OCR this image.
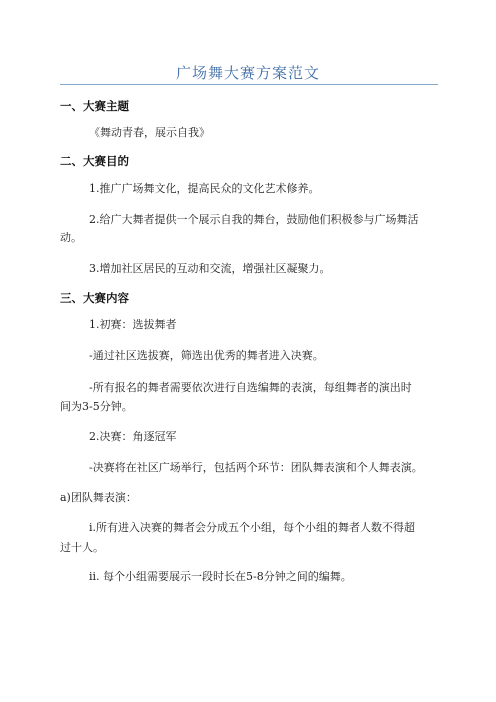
广场舞大赛方案范文
一、大赛主题
《舞动青春，展示自我》
二、大赛目的
1.推广广场舞文化，提高民众的文化艺术修养。
2.给广大舞者提供一个展示自我的舞台，鼓励他们积极参与广场舞活
动。
3.增加社区居民的互动和交流，增强社区凝聚力。
三、大赛内容
1.初赛：选拔舞者
-通过社区选拔赛，筛选出优秀的舞者进入决赛。
-所有报名的舞者需要依次进行自选编舞的表演，每组舞者的演出时
间为3-5分钟。
2.决赛：角逐冠军
-决赛将在社区广场举行，包括两个环节：团队舞表演和个人舞表演。
a)团队舞表演：
i.所有进入决赛的舞者会分成五个小组，每个小组的舞者人数不得超
过十人。
ii. 每个小组需要展示一段时长在5-8分钟之间的编舞。
